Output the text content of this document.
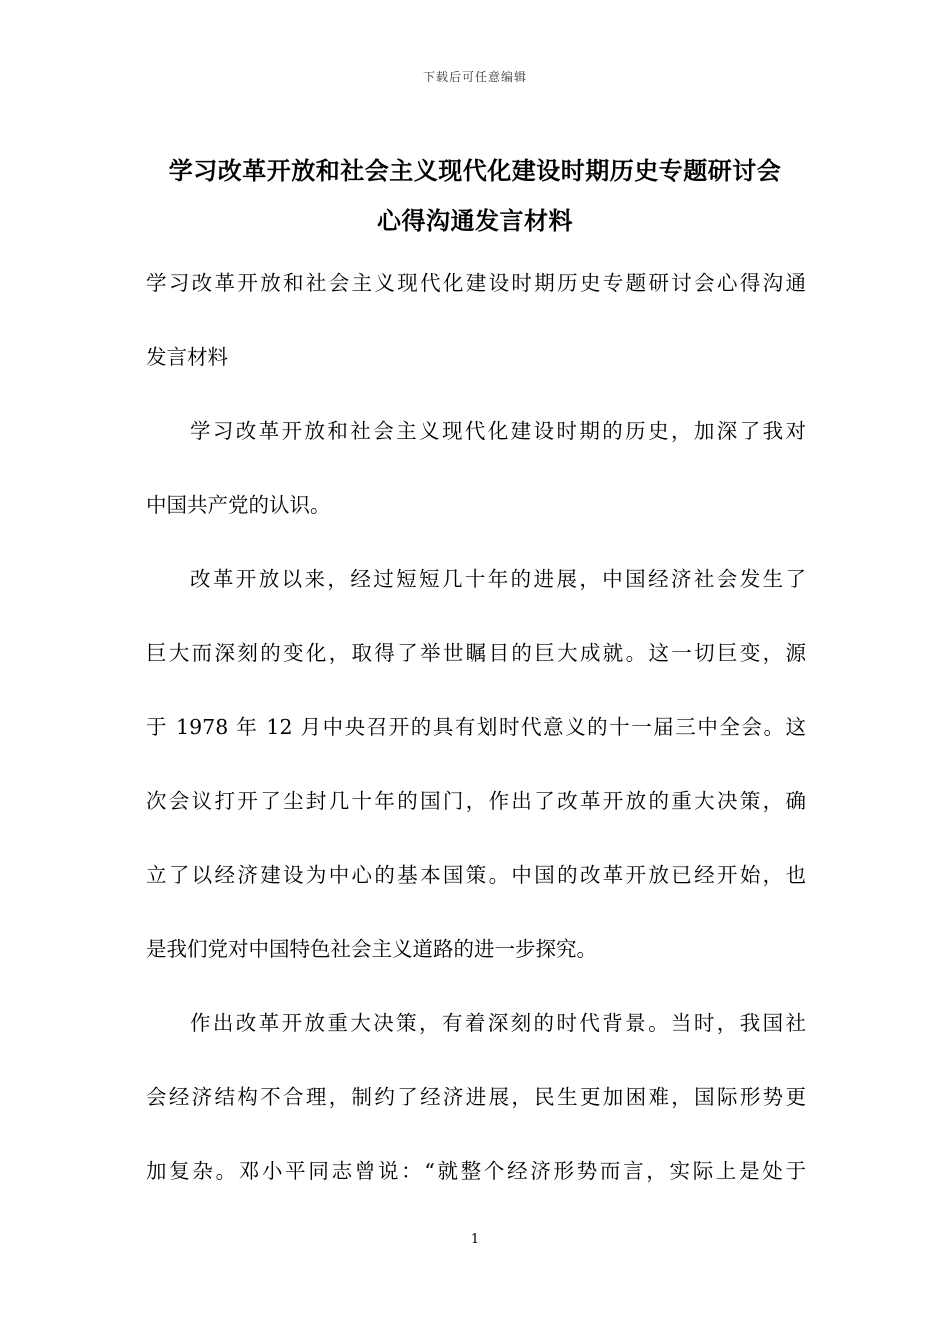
下载后可任意编辑
学习改革开放和社会主义现代化建设时期历史专题研讨会
心得沟通发言材料
学习改革开放和社会主义现代化建设时期历史专题研讨会心得沟通
发言材料
学习改革开放和社会主义现代化建设时期的历史，加深了我对
中国共产党的认识。
改革开放以来，经过短短几十年的进展，中国经济社会发生了
巨大而深刻的变化，取得了举世瞩目的巨大成就。这一切巨变，源
于 1978 年 12 月中央召开的具有划时代意义的十一届三中全会。这
次会议打开了尘封几十年的国门，作出了改革开放的重大决策，确
立了以经济建设为中心的基本国策。中国的改革开放已经开始，也
是我们党对中国特色社会主义道路的进一步探究。
作出改革开放重大决策，有着深刻的时代背景。当时，我国社
会经济结构不合理，制约了经济进展，民生更加困难，国际形势更
加复杂。邓小平同志曾说：“就整个经济形势而言，实际上是处于
1
